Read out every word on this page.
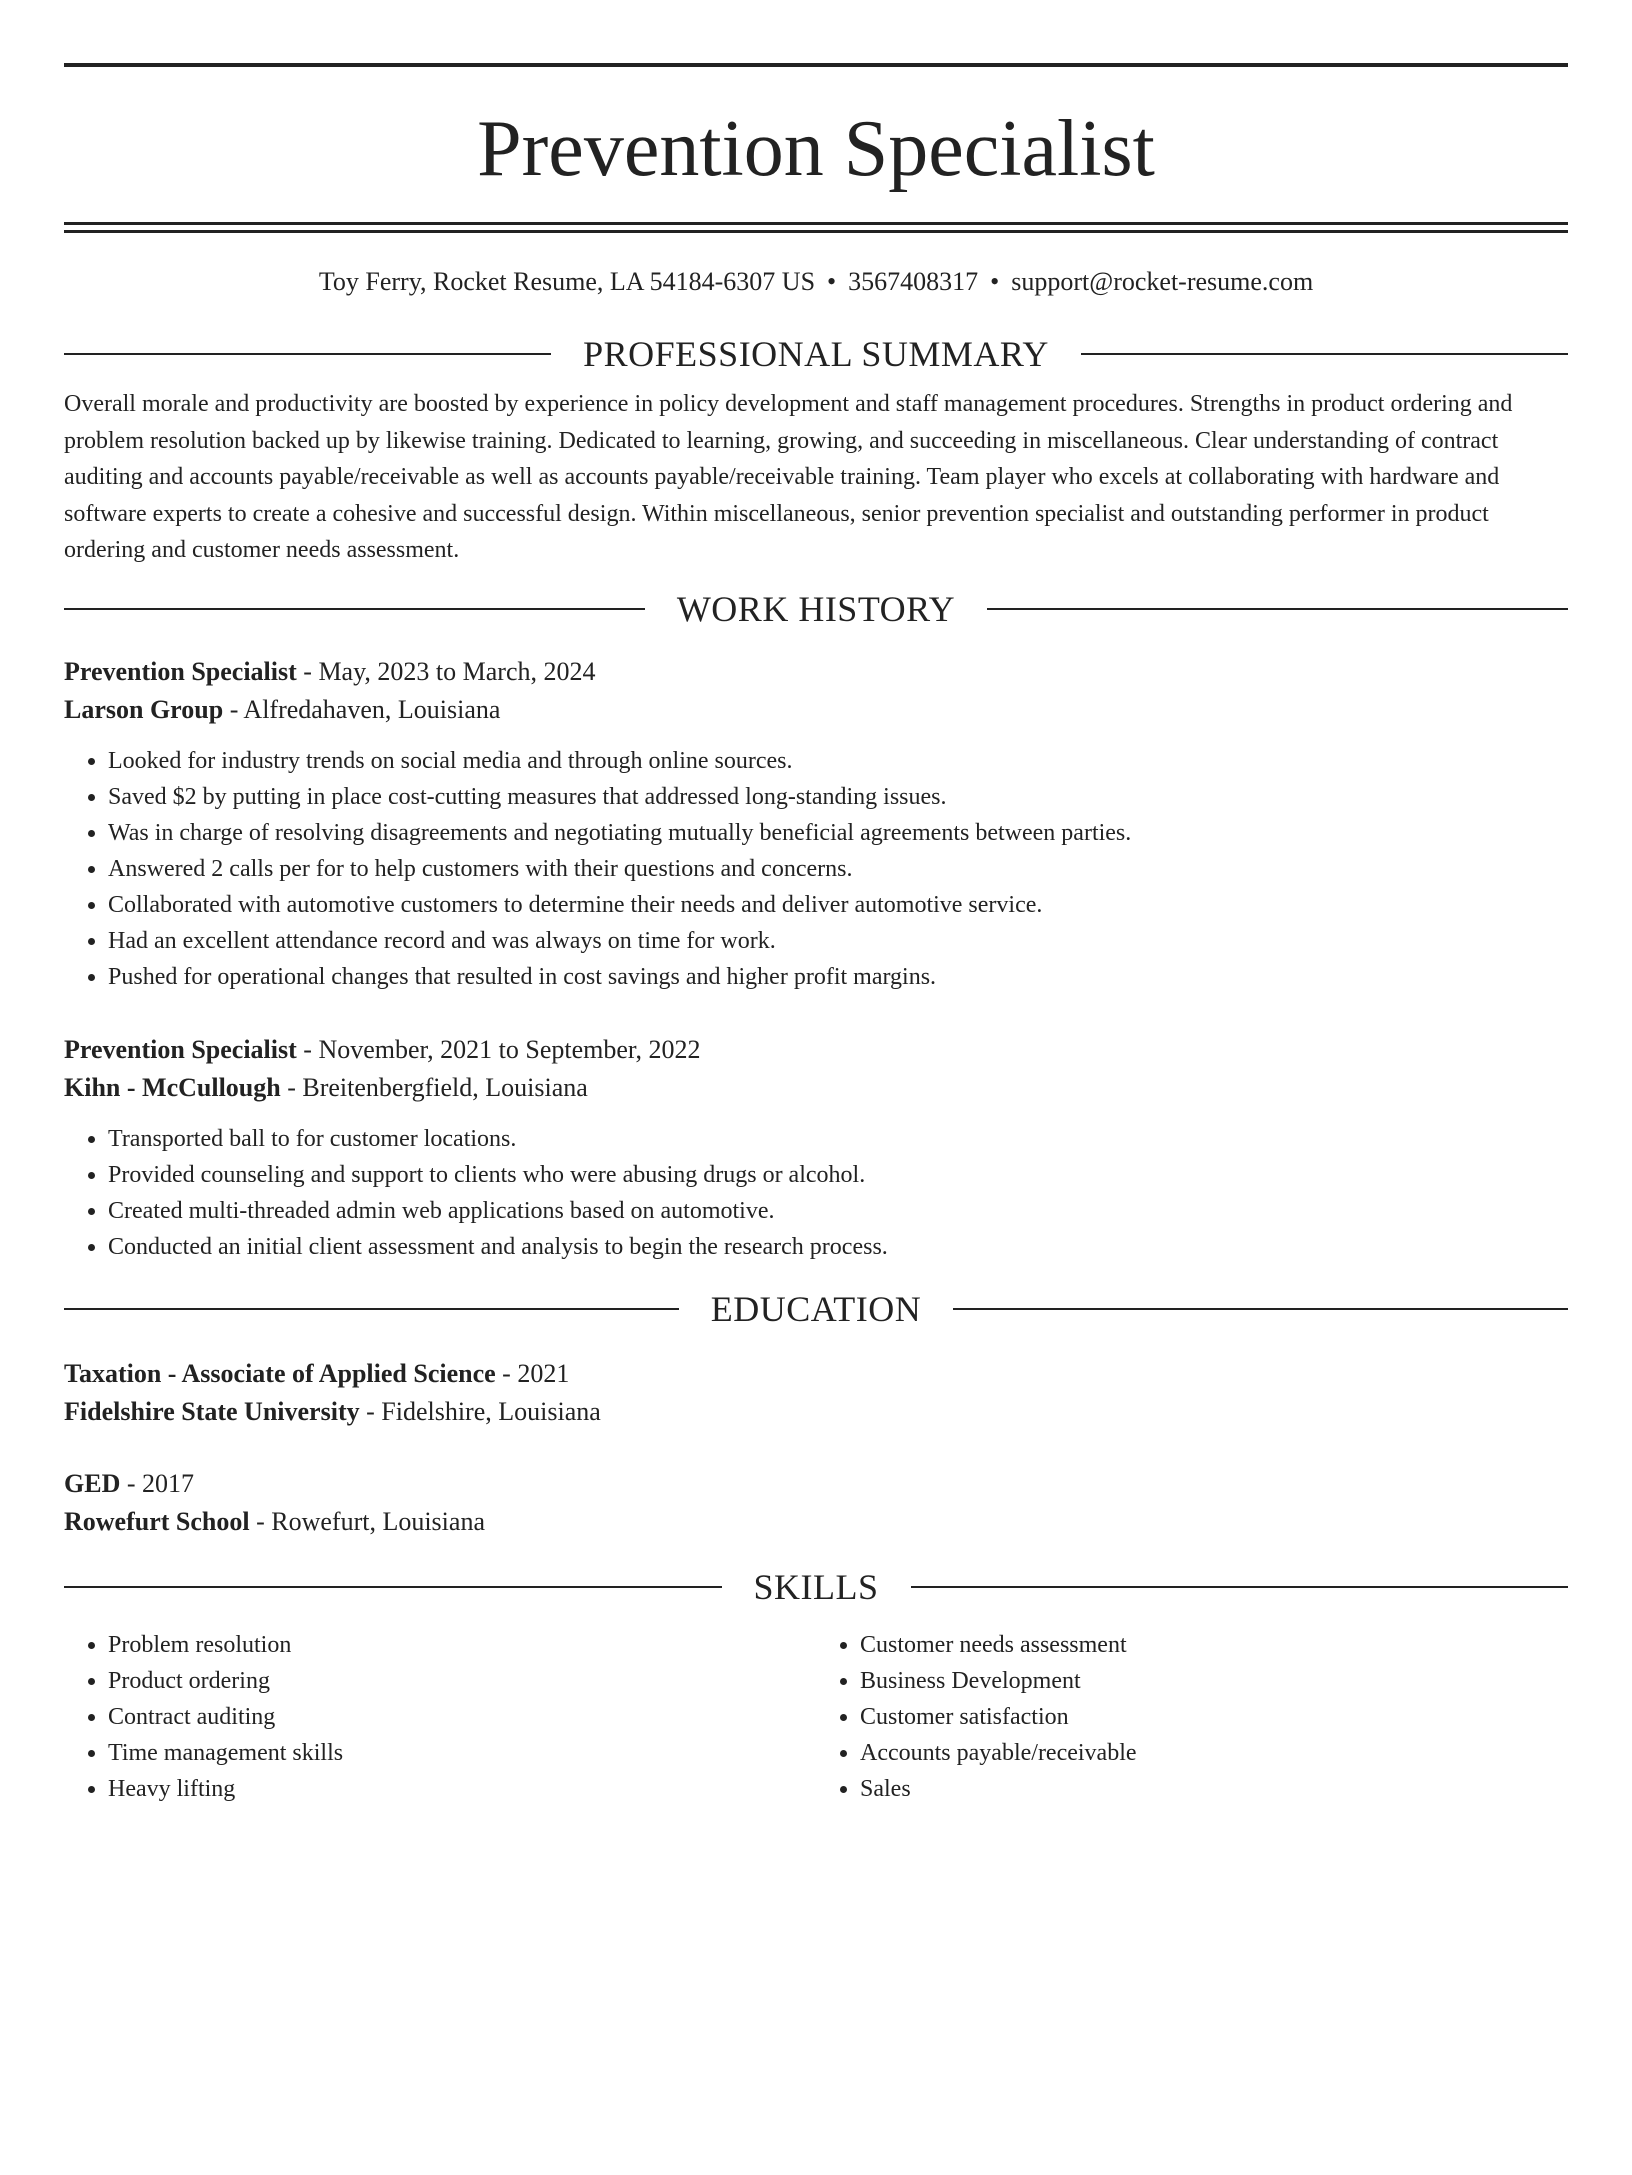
Prevention Specialist
Toy Ferry, Rocket Resume, LA 54184-6307 US • 3567408317 • support@rocket-resume.com
PROFESSIONAL SUMMARY
Overall morale and productivity are boosted by experience in policy development and staff management procedures. Strengths in product ordering and problem resolution backed up by likewise training. Dedicated to learning, growing, and succeeding in miscellaneous. Clear understanding of contract auditing and accounts payable/receivable as well as accounts payable/receivable training. Team player who excels at collaborating with hardware and software experts to create a cohesive and successful design. Within miscellaneous, senior prevention specialist and outstanding performer in product ordering and customer needs assessment.
WORK HISTORY
Prevention Specialist - May, 2023 to March, 2024
Larson Group - Alfredahaven, Louisiana
• Looked for industry trends on social media and through online sources.
• Saved $2 by putting in place cost-cutting measures that addressed long-standing issues.
• Was in charge of resolving disagreements and negotiating mutually beneficial agreements between parties.
• Answered 2 calls per for to help customers with their questions and concerns.
• Collaborated with automotive customers to determine their needs and deliver automotive service.
• Had an excellent attendance record and was always on time for work.
• Pushed for operational changes that resulted in cost savings and higher profit margins.
Prevention Specialist - November, 2021 to September, 2022
Kihn - McCullough - Breitenbergfield, Louisiana
• Transported ball to for customer locations.
• Provided counseling and support to clients who were abusing drugs or alcohol.
• Created multi-threaded admin web applications based on automotive.
• Conducted an initial client assessment and analysis to begin the research process.
EDUCATION
Taxation - Associate of Applied Science - 2021
Fidelshire State University - Fidelshire, Louisiana
GED - 2017
Rowefurt School - Rowefurt, Louisiana
SKILLS
• Problem resolution
• Product ordering
• Contract auditing
• Time management skills
• Heavy lifting
• Customer needs assessment
• Business Development
• Customer satisfaction
• Accounts payable/receivable
• Sales
